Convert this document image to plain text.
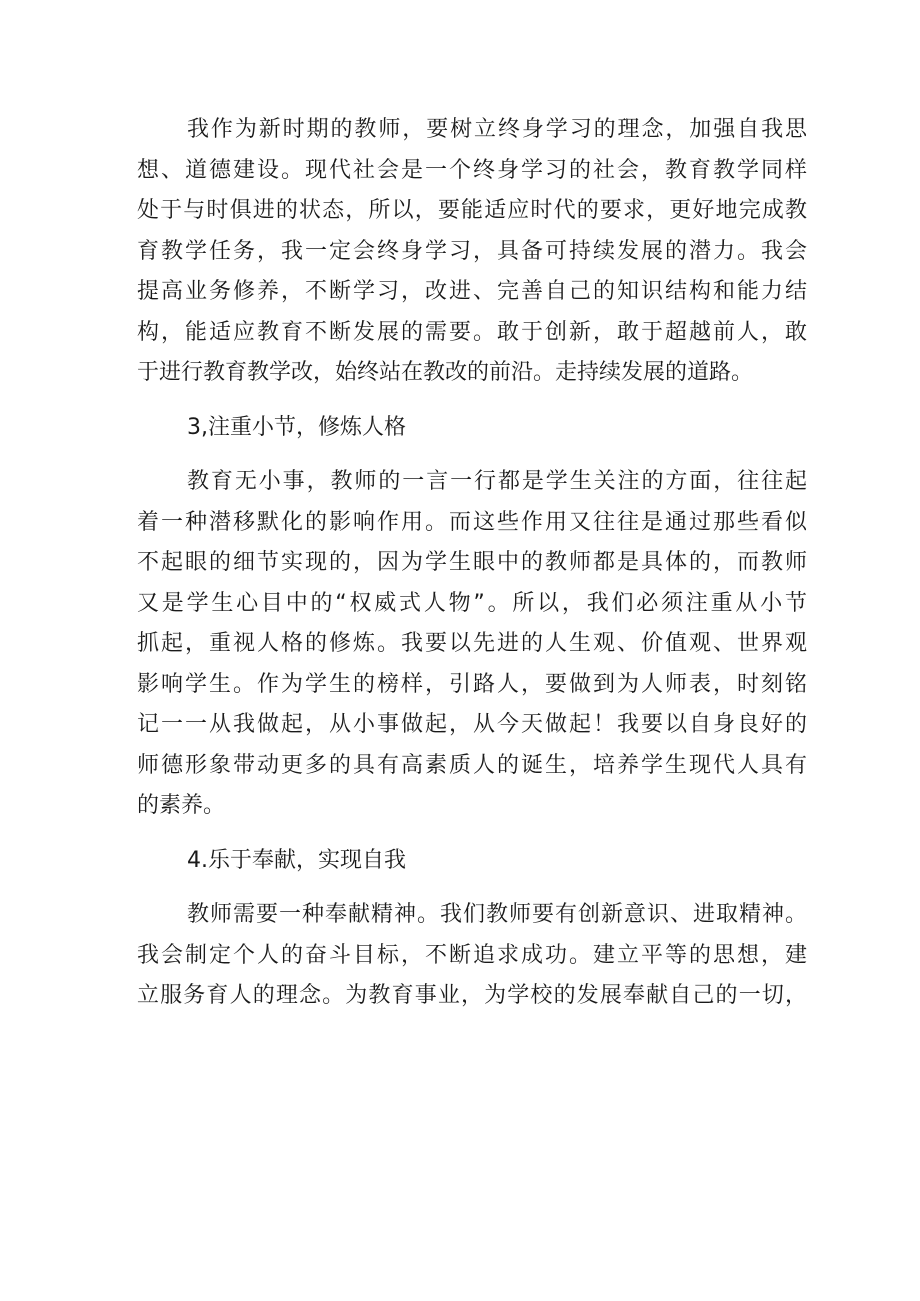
我作为新时期的教师，要树立终身学习的理念，加强自我思
想、道德建设。现代社会是一个终身学习的社会，教育教学同样
处于与时俱进的状态，所以，要能适应时代的要求，更好地完成教
育教学任务，我一定会终身学习，具备可持续发展的潜力。我会
提高业务修养，不断学习，改进、完善自己的知识结构和能力结
构，能适应教育不断发展的需要。敢于创新，敢于超越前人，敢
于进行教育教学改，始终站在教改的前沿。走持续发展的道路。
3,注重小节，修炼人格
教育无小事，教师的一言一行都是学生关注的方面，往往起
着一种潜移默化的影响作用。而这些作用又往往是通过那些看似
不起眼的细节实现的，因为学生眼中的教师都是具体的，而教师
又是学生心目中的“权威式人物”。所以，我们必须注重从小节
抓起，重视人格的修炼。我要以先进的人生观、价值观、世界观
影响学生。作为学生的榜样，引路人，要做到为人师表，时刻铭
记一一从我做起，从小事做起，从今天做起！我要以自身良好的
师德形象带动更多的具有高素质人的诞生，培养学生现代人具有
的素养。
4.乐于奉献，实现自我
教师需要一种奉献精神。我们教师要有创新意识、进取精神。
我会制定个人的奋斗目标，不断追求成功。建立平等的思想，建
立服务育人的理念。为教育事业，为学校的发展奉献自己的一切，
